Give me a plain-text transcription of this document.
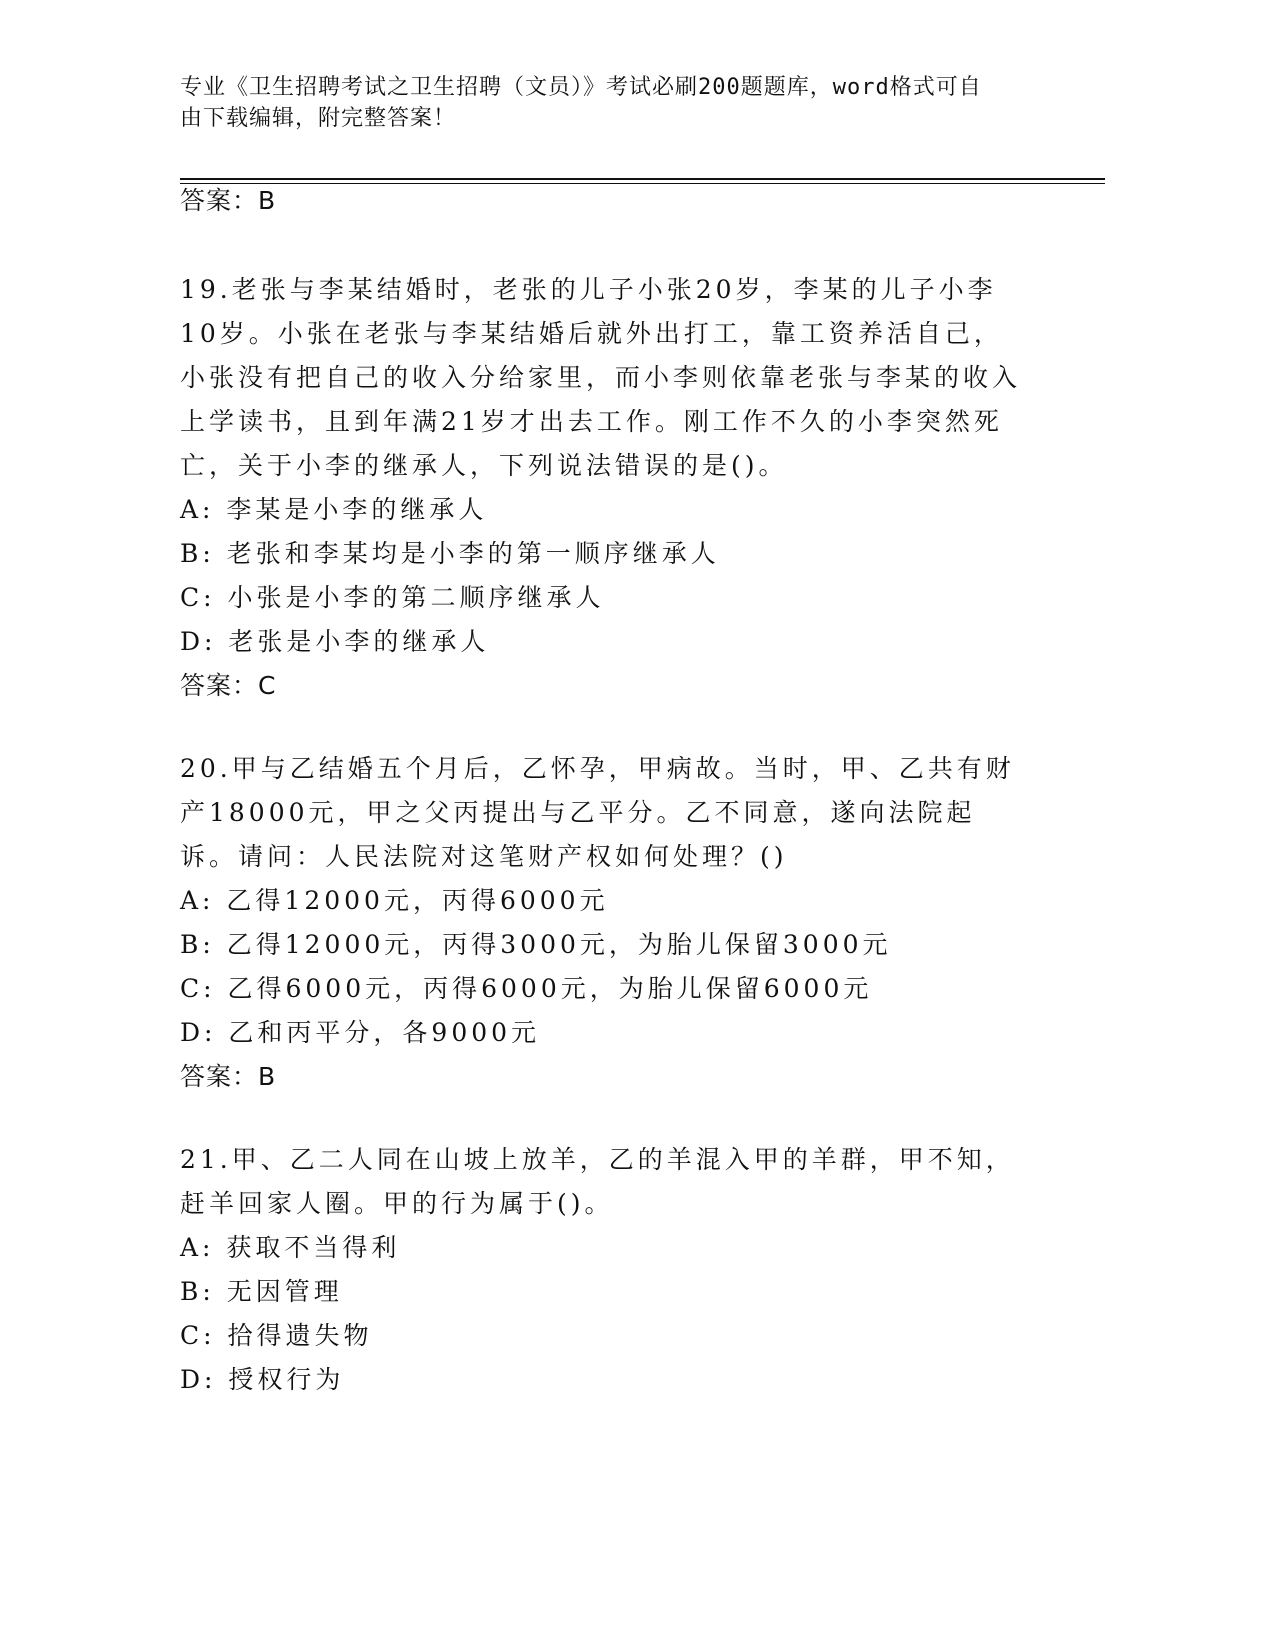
专业《卫生招聘考试之卫生招聘（文员）》考试必刷200题题库，word格式可自
由下载编辑，附完整答案！
答案：B
19.老张与李某结婚时，老张的儿子小张20岁，李某的儿子小李10岁。小张在老张与李某结婚后就外出打工，靠工资养活自己，小张没有把自己的收入分给家里，而小李则依靠老张与李某的收入上学读书，且到年满21岁才出去工作。刚工作不久的小李突然死亡，关于小李的继承人，下列说法错误的是()。
A: 李某是小李的继承人
B: 老张和李某均是小李的第一顺序继承人
C: 小张是小李的第二顺序继承人
D: 老张是小李的继承人
答案：C
20.甲与乙结婚五个月后，乙怀孕，甲病故。当时，甲、乙共有财产18000元，甲之父丙提出与乙平分。乙不同意，遂向法院起诉。请问：人民法院对这笔财产权如何处理？()
A: 乙得12000元，丙得6000元
B: 乙得12000元，丙得3000元，为胎儿保留3000元
C: 乙得6000元，丙得6000元，为胎儿保留6000元
D: 乙和丙平分，各9000元
答案：B
21.甲、乙二人同在山坡上放羊，乙的羊混入甲的羊群，甲不知，赶羊回家人圈。甲的行为属于()。
A: 获取不当得利
B: 无因管理
C: 拾得遗失物
D: 授权行为
